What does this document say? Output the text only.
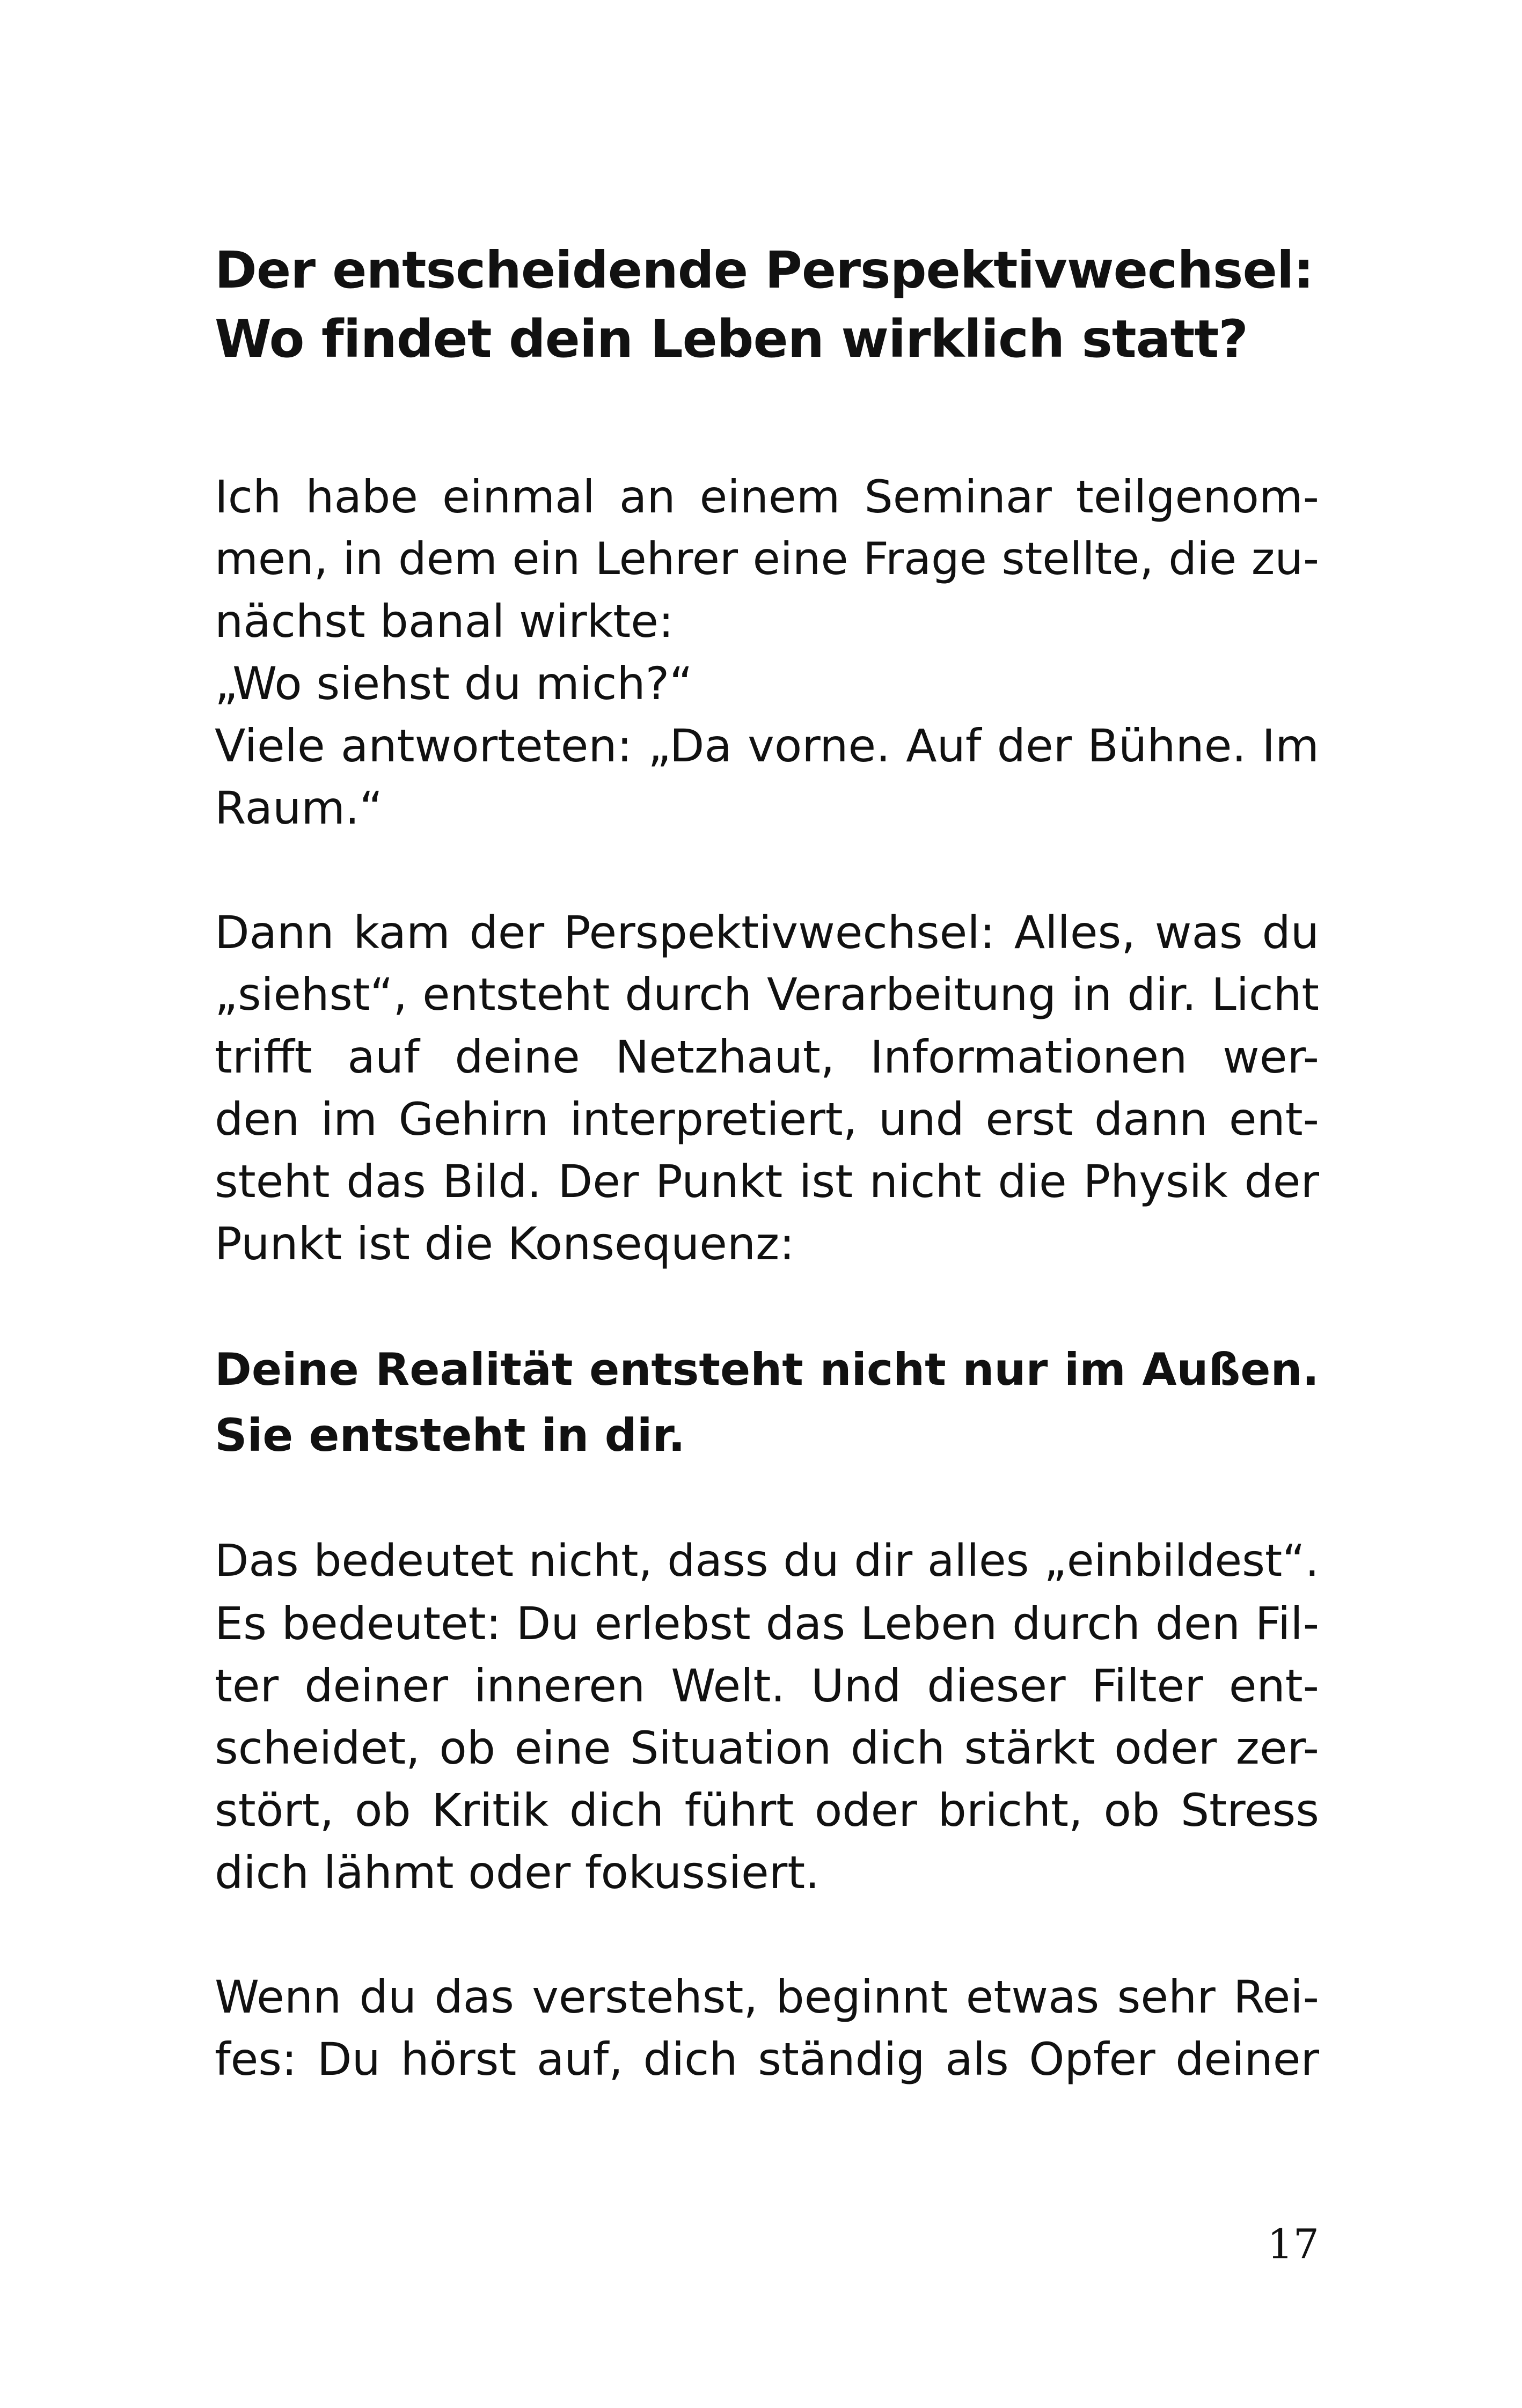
Der entscheidende Perspektivwechsel:
Wo findet dein Leben wirklich statt?
Ich habe einmal an einem Seminar teilgenom-
men, in dem ein Lehrer eine Frage stellte, die zu-
nächst banal wirkte:
„Wo siehst du mich?“
Viele antworteten: „Da vorne. Auf der Bühne. Im
Raum.“
Dann kam der Perspektivwechsel: Alles, was du
„siehst“, entsteht durch Verarbeitung in dir. Licht
trifft auf deine Netzhaut, Informationen wer-
den im Gehirn interpretiert, und erst dann ent-
steht das Bild. Der Punkt ist nicht die Physik der
Punkt ist die Konsequenz:
Deine Realität entsteht nicht nur im Außen.
Sie entsteht in dir.
Das bedeutet nicht, dass du dir alles „einbildest“.
Es bedeutet: Du erlebst das Leben durch den Fil-
ter deiner inneren Welt. Und dieser Filter ent-
scheidet, ob eine Situation dich stärkt oder zer-
stört, ob Kritik dich führt oder bricht, ob Stress
dich lähmt oder fokussiert.
Wenn du das verstehst, beginnt etwas sehr Rei-
fes: Du hörst auf, dich ständig als Opfer deiner
17
